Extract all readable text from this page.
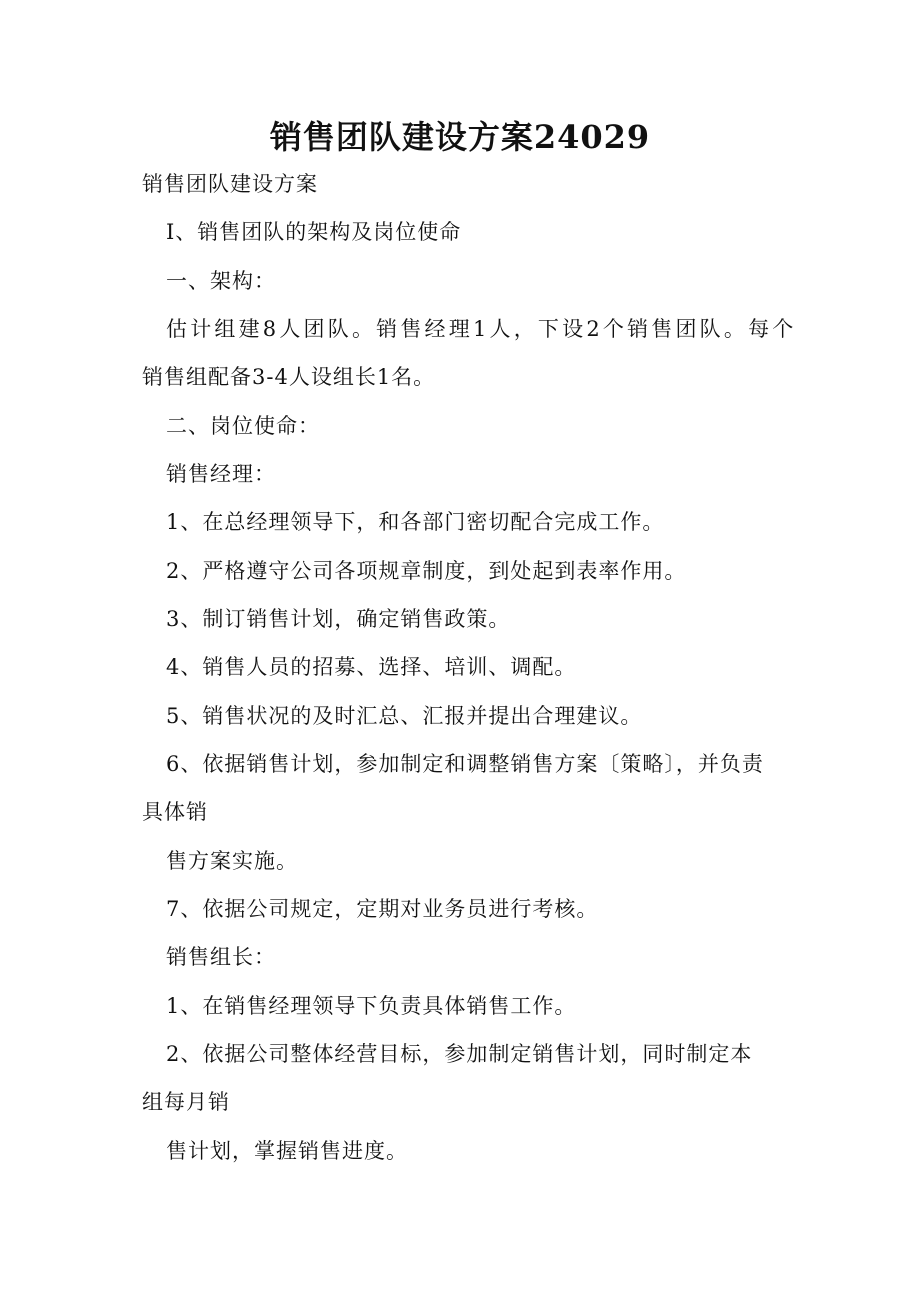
销售团队建设方案24029
销售团队建设方案
Ⅰ、销售团队的架构及岗位使命
一、架构：
估计组建8人团队。销售经理1人，下设2个销售团队。每个
销售组配备3-4人设组长1名。
二、岗位使命：
销售经理：
1、在总经理领导下，和各部门密切配合完成工作。
2、严格遵守公司各项规章制度，到处起到表率作用。
3、制订销售计划，确定销售政策。
4、销售人员的招募、选择、培训、调配。
5、销售状况的及时汇总、汇报并提出合理建议。
6、依据销售计划，参加制定和调整销售方案〔策略〕，并负责
具体销
售方案实施。
7、依据公司规定，定期对业务员进行考核。
销售组长：
1、在销售经理领导下负责具体销售工作。
2、依据公司整体经营目标，参加制定销售计划，同时制定本
组每月销
售计划，掌握销售进度。
